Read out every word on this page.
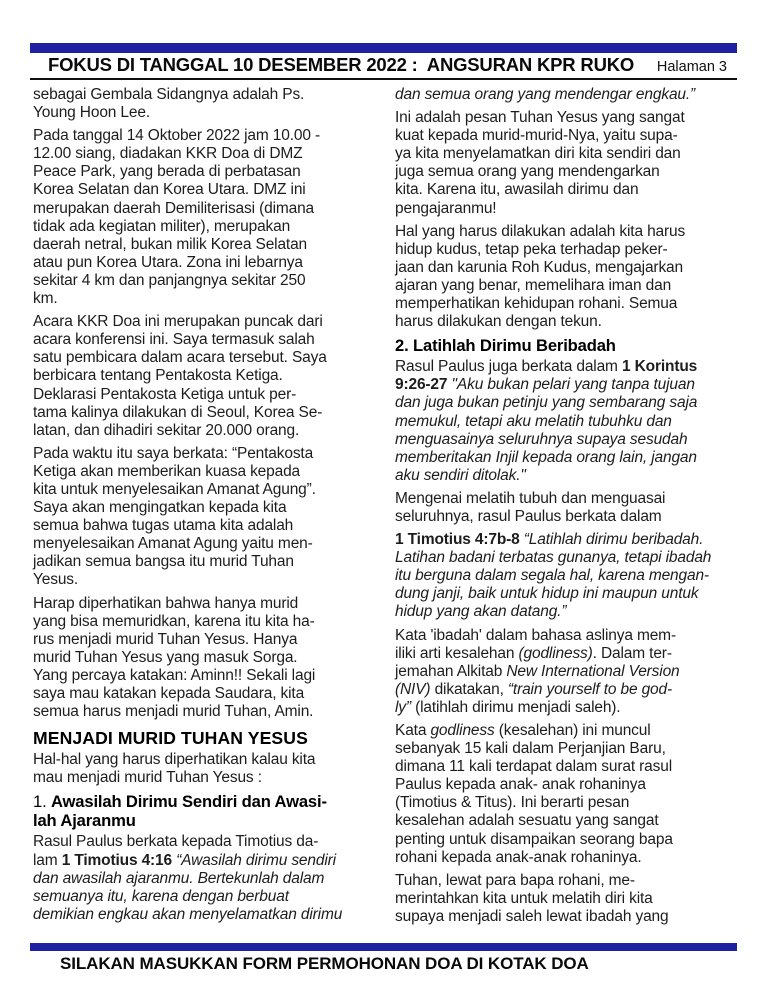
FOKUS DI TANGGAL 10 DESEMBER 2022 :  ANGSURAN KPR RUKO Halaman 3
sebagai Gembala Sidangnya adalah Ps.
Young Hoon Lee.
Pada tanggal 14 Oktober 2022 jam 10.00 -
12.00 siang, diadakan KKR Doa di DMZ
Peace Park, yang berada di perbatasan
Korea Selatan dan Korea Utara. DMZ ini
merupakan daerah Demiliterisasi (dimana
tidak ada kegiatan militer), merupakan
daerah netral, bukan milik Korea Selatan
atau pun Korea Utara. Zona ini lebarnya
sekitar 4 km dan panjangnya sekitar 250
km.
Acara KKR Doa ini merupakan puncak dari
acara konferensi ini. Saya termasuk salah
satu pembicara dalam acara tersebut. Saya
berbicara tentang Pentakosta Ketiga.
Deklarasi Pentakosta Ketiga untuk per-
tama kalinya dilakukan di Seoul, Korea Se-
latan, dan dihadiri sekitar 20.000 orang.
Pada waktu itu saya berkata: “Pentakosta
Ketiga akan memberikan kuasa kepada
kita untuk menyelesaikan Amanat Agung”.
Saya akan mengingatkan kepada kita
semua bahwa tugas utama kita adalah
menyelesaikan Amanat Agung yaitu men-
jadikan semua bangsa itu murid Tuhan
Yesus.
Harap diperhatikan bahwa hanya murid
yang bisa memuridkan, karena itu kita ha-
rus menjadi murid Tuhan Yesus. Hanya
murid Tuhan Yesus yang masuk Sorga.
Yang percaya katakan: Aminn!! Sekali lagi
saya mau katakan kepada Saudara, kita
semua harus menjadi murid Tuhan, Amin.
MENJADI MURID TUHAN YESUS
Hal-hal yang harus diperhatikan kalau kita
mau menjadi murid Tuhan Yesus :
1. Awasilah Dirimu Sendiri dan Awasi-
lah Ajaranmu
Rasul Paulus berkata kepada Timotius da-
lam 1 Timotius 4:16 “Awasilah dirimu sendiri
dan awasilah ajaranmu. Bertekunlah dalam
semuanya itu, karena dengan berbuat
demikian engkau akan menyelamatkan dirimu
dan semua orang yang mendengar engkau.”
Ini adalah pesan Tuhan Yesus yang sangat
kuat kepada murid-murid-Nya, yaitu supa-
ya kita menyelamatkan diri kita sendiri dan
juga semua orang yang mendengarkan
kita. Karena itu, awasilah dirimu dan
pengajaranmu!
Hal yang harus dilakukan adalah kita harus
hidup kudus, tetap peka terhadap peker-
jaan dan karunia Roh Kudus, mengajarkan
ajaran yang benar, memelihara iman dan
memperhatikan kehidupan rohani. Semua
harus dilakukan dengan tekun.
2. Latihlah Dirimu Beribadah
Rasul Paulus juga berkata dalam 1 Korintus
9:26-27 "Aku bukan pelari yang tanpa tujuan
dan juga bukan petinju yang sembarang saja
memukul, tetapi aku melatih tubuhku dan
menguasainya seluruhnya supaya sesudah
memberitakan Injil kepada orang lain, jangan
aku sendiri ditolak."
Mengenai melatih tubuh dan menguasai
seluruhnya, rasul Paulus berkata dalam
1 Timotius 4:7b-8 “Latihlah dirimu beribadah.
Latihan badani terbatas gunanya, tetapi ibadah
itu berguna dalam segala hal, karena mengan-
dung janji, baik untuk hidup ini maupun untuk
hidup yang akan datang.”
Kata 'ibadah' dalam bahasa aslinya mem-
iliki arti kesalehan (godliness). Dalam ter-
jemahan Alkitab New International Version
(NIV) dikatakan, “train yourself to be god-
ly” (latihlah dirimu menjadi saleh).
Kata godliness (kesalehan) ini muncul
sebanyak 15 kali dalam Perjanjian Baru,
dimana 11 kali terdapat dalam surat rasul
Paulus kepada anak- anak rohaninya
(Timotius & Titus). Ini berarti pesan
kesalehan adalah sesuatu yang sangat
penting untuk disampaikan seorang bapa
rohani kepada anak-anak rohaninya.
Tuhan, lewat para bapa rohani, me-
merintahkan kita untuk melatih diri kita
supaya menjadi saleh lewat ibadah yang
SILAKAN MASUKKAN FORM PERMOHONAN DOA DI KOTAK DOA
